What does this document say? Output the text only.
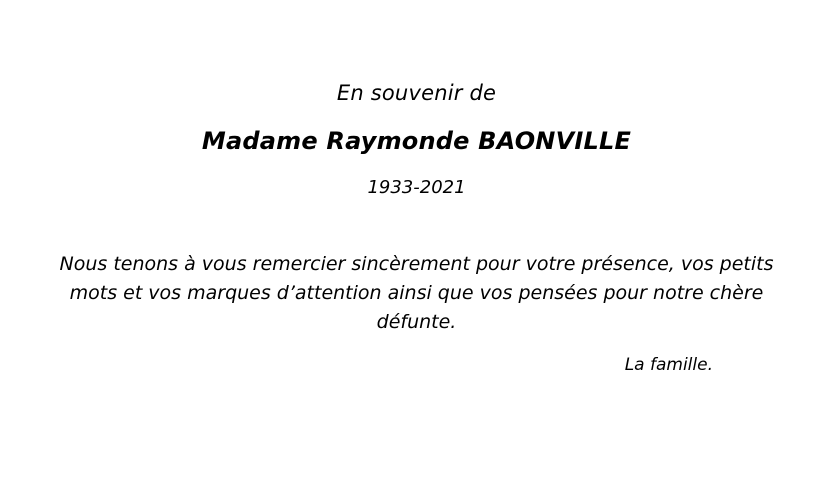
En souvenir de
Madame Raymonde BAONVILLE
1933-2021
Nous tenons à vous remercier sincèrement pour votre présence, vos petits mots et vos marques d’attention ainsi que vos pensées pour notre chère défunte.
La famille.
